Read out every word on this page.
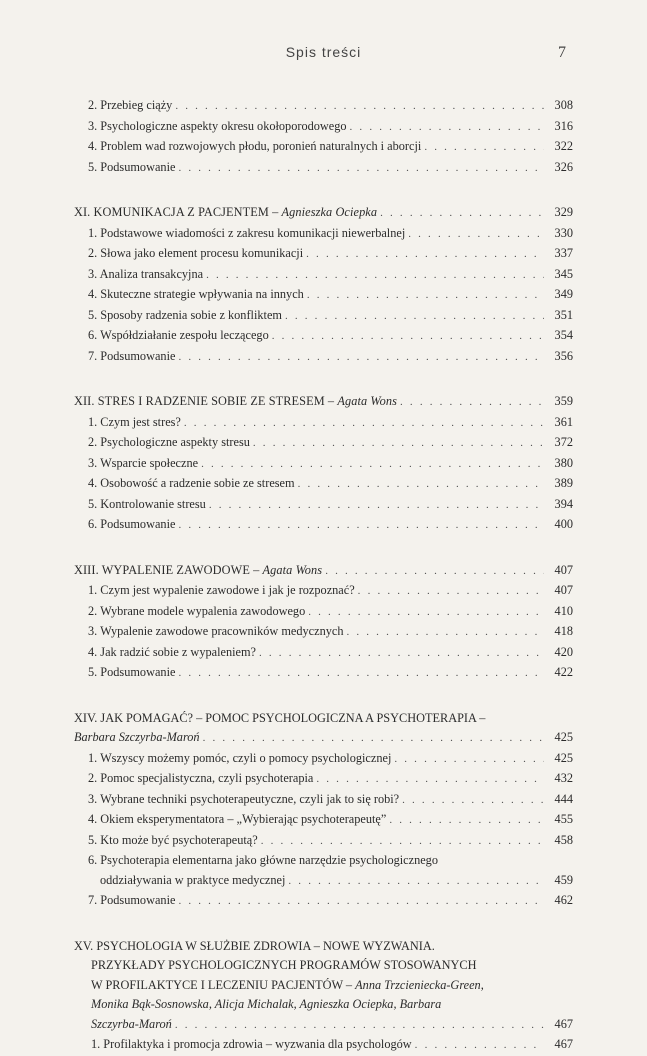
Spis treści	7
2. Przebieg ciąży . . .	308
3. Psychologiczne aspekty okresu okołoporodowego . . .	316
4. Problem wad rozwojowych płodu, poronień naturalnych i aborcji . . .	322
5. Podsumowanie . . .	326
XI. KOMUNIKACJA Z PACJENTEM – Agnieszka Ociepka . . .	329
1. Podstawowe wiadomości z zakresu komunikacji niewerbalnej . . .	330
2. Słowa jako element procesu komunikacji . . .	337
3. Analiza transakcyjna . . .	345
4. Skuteczne strategie wpływania na innych . . .	349
5. Sposoby radzenia sobie z konfliktem . . .	351
6. Współdziałanie zespołu leczącego . . .	354
7. Podsumowanie . . .	356
XII. STRES I RADZENIE SOBIE ZE STRESEM – Agata Wons . . .	359
1. Czym jest stres? . . .	361
2. Psychologiczne aspekty stresu . . .	372
3. Wsparcie społeczne . . .	380
4. Osobowość a radzenie sobie ze stresem . . .	389
5. Kontrolowanie stresu . . .	394
6. Podsumowanie . . .	400
XIII. WYPALENIE ZAWODOWE – Agata Wons . . .	407
1. Czym jest wypalenie zawodowe i jak je rozpoznać? . . .	407
2. Wybrane modele wypalenia zawodowego . . .	410
3. Wypalenie zawodowe pracowników medycznych . . .	418
4. Jak radzić sobie z wypaleniem? . . .	420
5. Podsumowanie . . .	422
XIV. JAK POMAGAĆ? – POMOC PSYCHOLOGICZNA A PSYCHOTERAPIA –
Barbara Szczyrba-Maroń . . .	425
1. Wszyscy możemy pomóc, czyli o pomocy psychologicznej . . .	425
2. Pomoc specjalistyczna, czyli psychoterapia . . .	432
3. Wybrane techniki psychoterapeutyczne, czyli jak to się robi? . . .	444
4. Okiem eksperymentatora – „Wybierając psychoterapeutę” . . .	455
5. Kto może być psychoterapeutą? . . .	458
6. Psychoterapia elementarna jako główne narzędzie psychologicznego
oddziaływania w praktyce medycznej . . .	459
7. Podsumowanie . . .	462
XV. PSYCHOLOGIA W SŁUŻBIE ZDROWIA – NOWE WYZWANIA.
PRZYKŁADY PSYCHOLOGICZNYCH PROGRAMÓW STOSOWANYCH
W PROFILAKTYCE I LECZENIU PACJENTÓW – Anna Trzcieniecka-Green,
Monika Bąk-Sosnowska, Alicja Michalak, Agnieszka Ociepka, Barbara
Szczyrba-Maroń . . .	467
1. Profilaktyka i promocja zdrowia – wyzwania dla psychologów . . .	467
